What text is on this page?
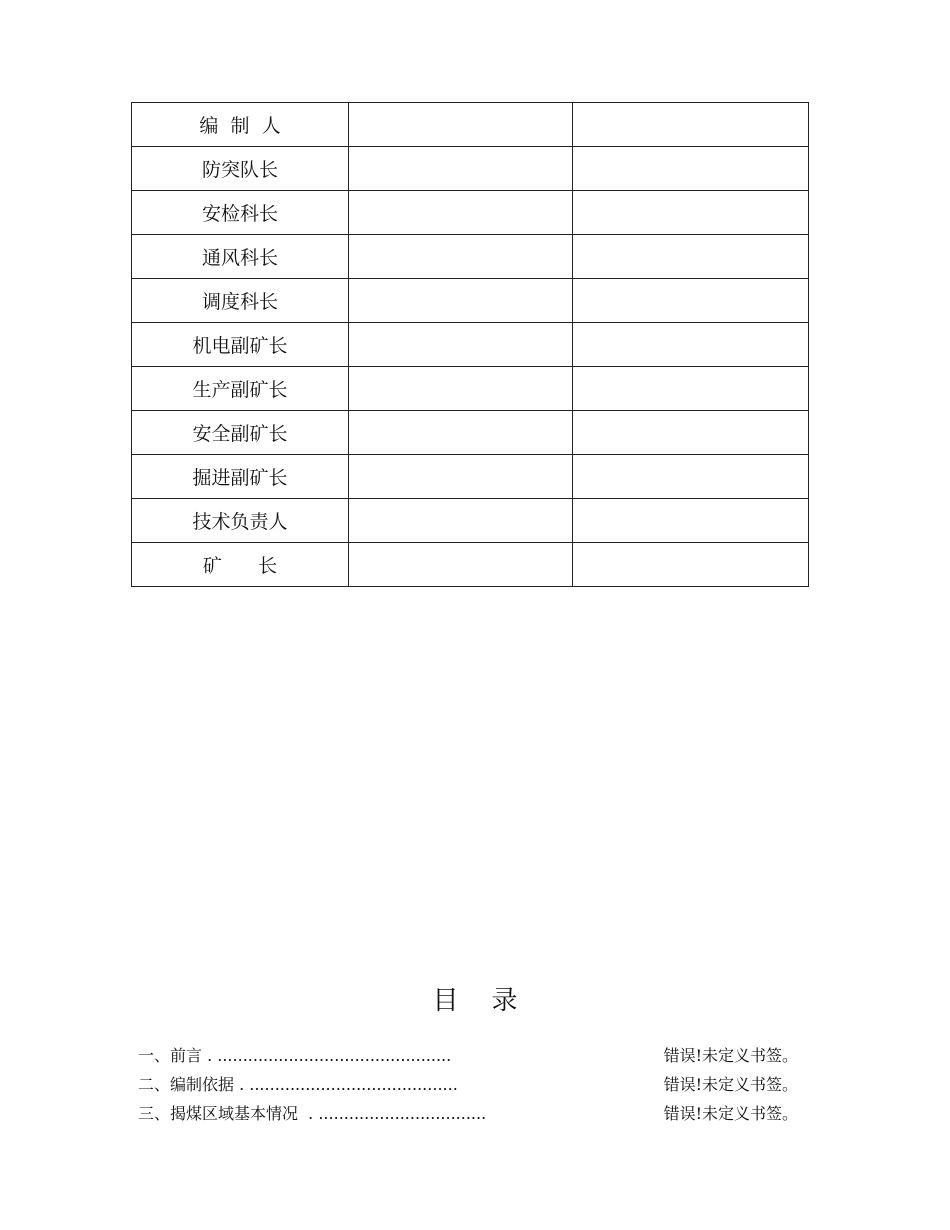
编  制  人		
防突队长		
安检科长		
通风科长		
调度科长		
机电副矿长		
生产副矿长		
安全副矿长		
掘进副矿长		
技术负责人		
矿      长		
目    录
一、前言 . ..............................................	错误!未定义书签。
二、编制依据 . .........................................	错误!未定义书签。
三、揭煤区域基本情况  . .................................	错误!未定义书签。
